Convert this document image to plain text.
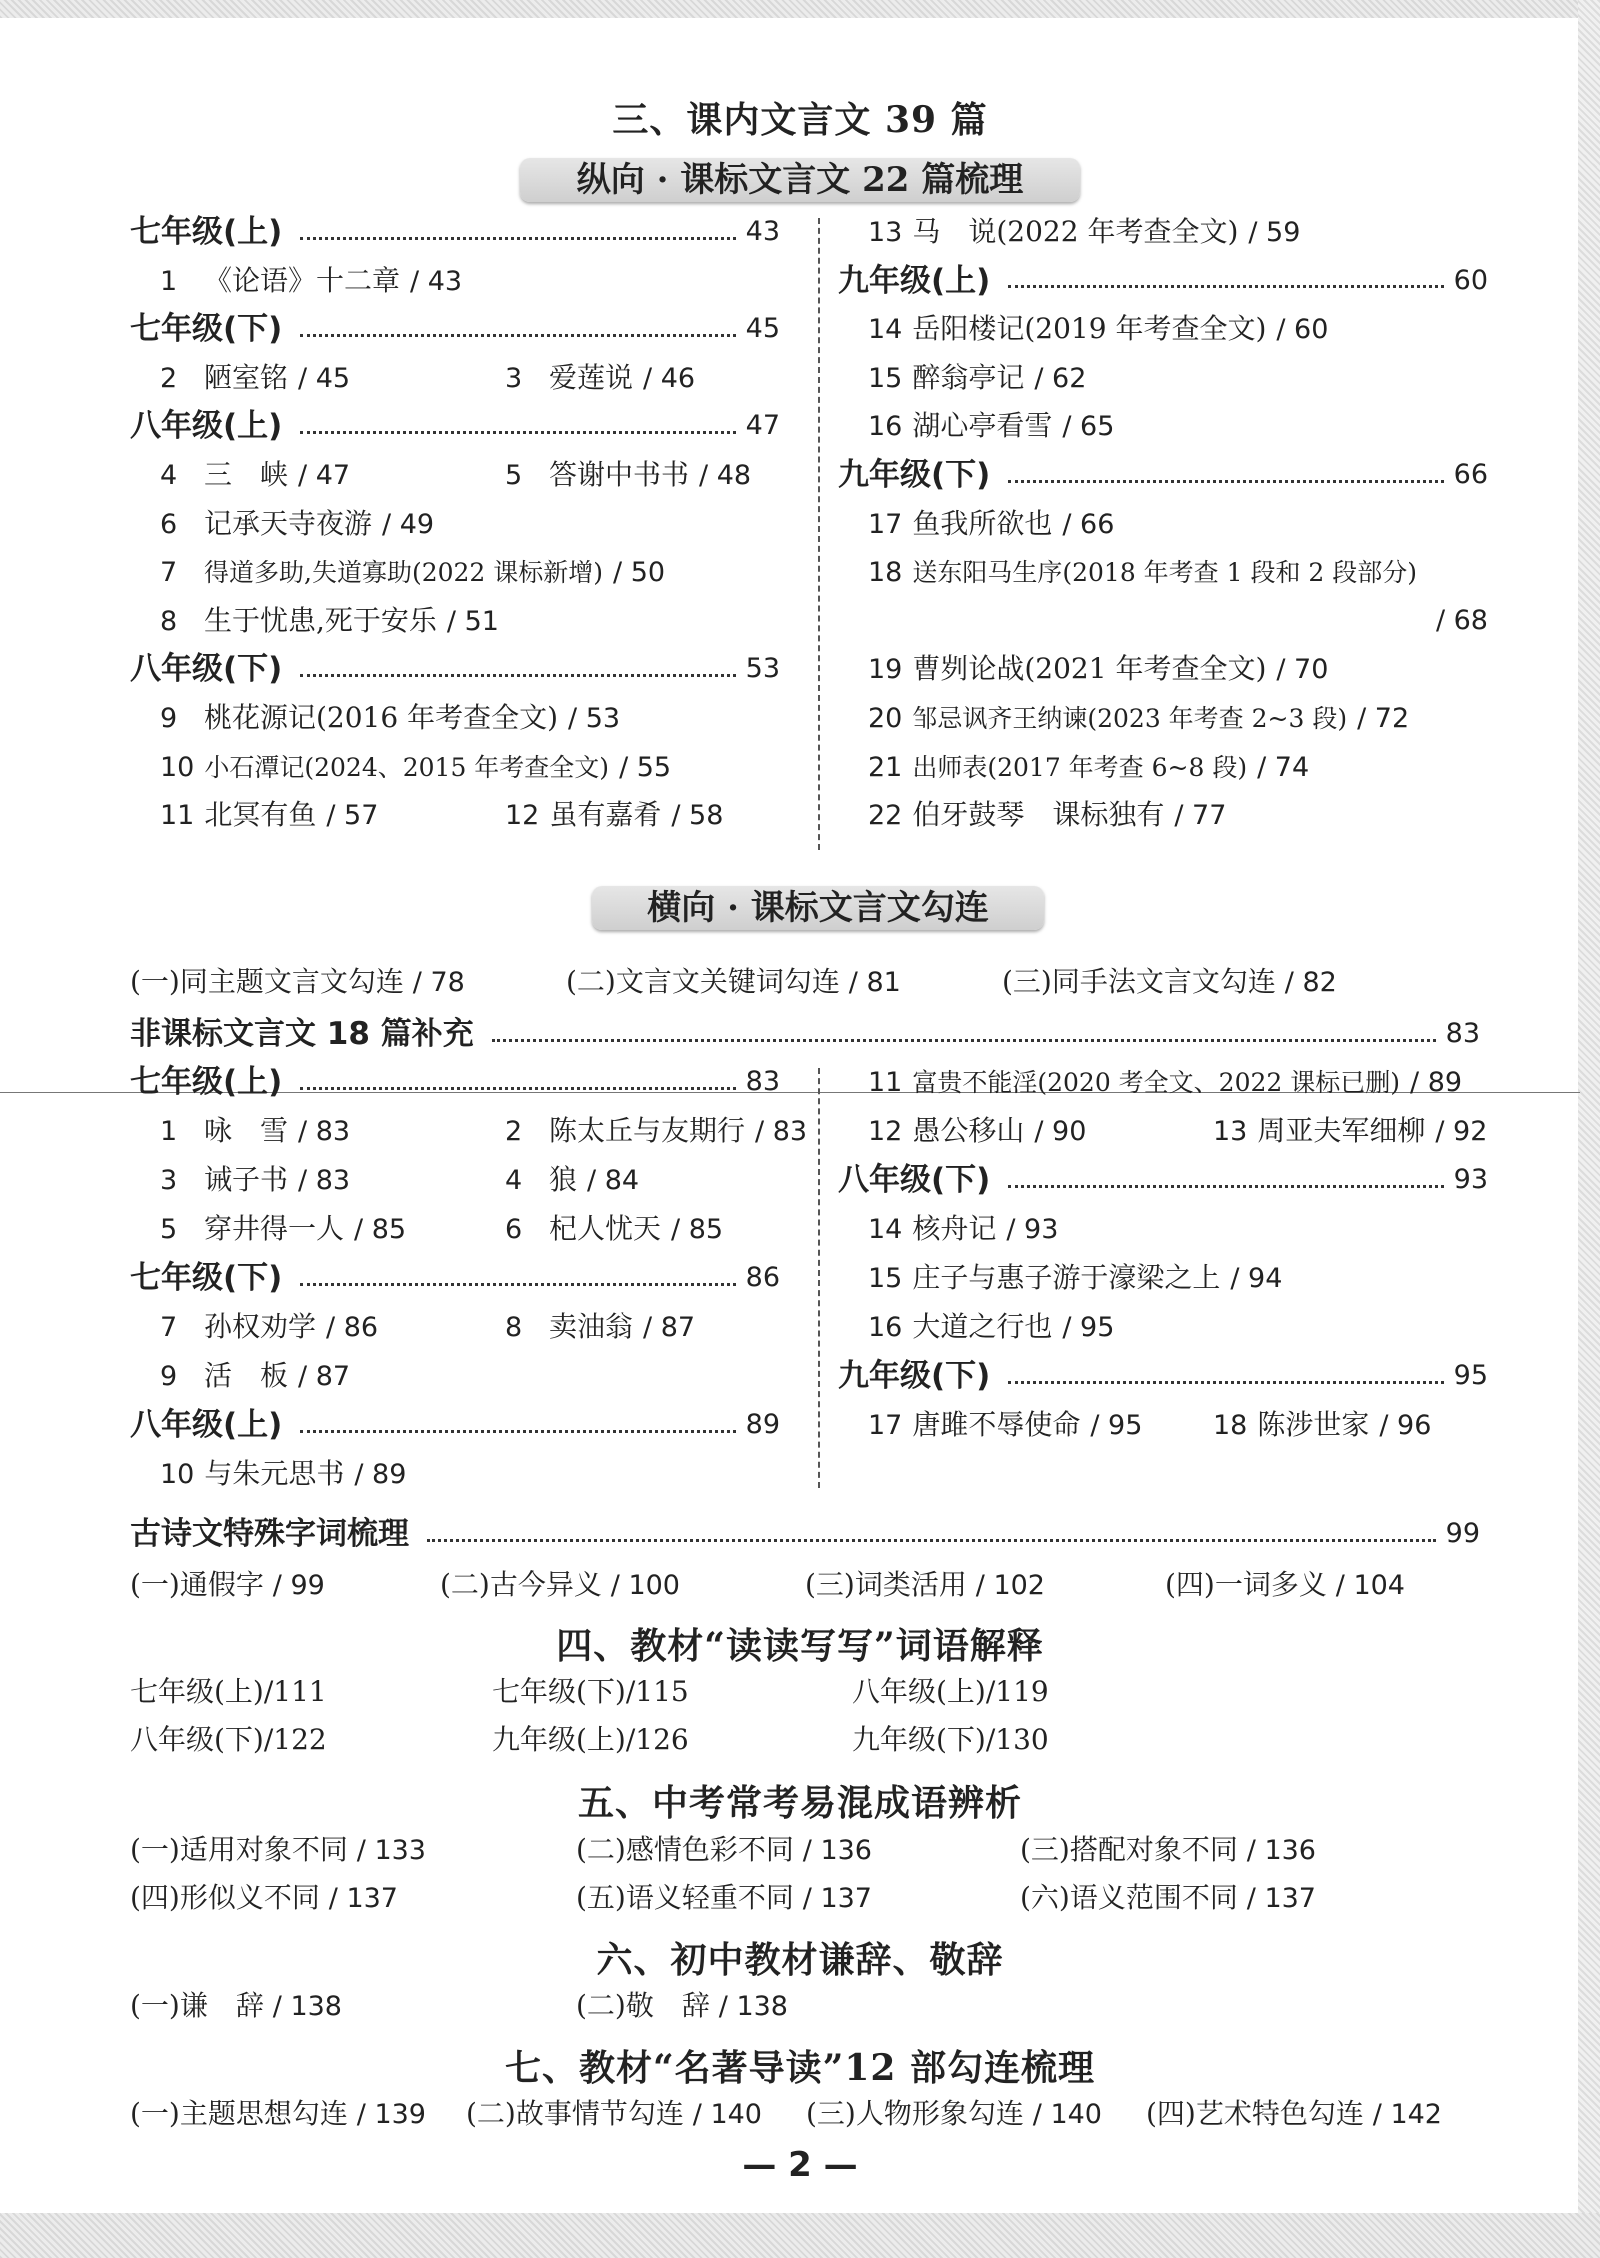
三、课内文言文 39 篇
纵向 · 课标文言文 22 篇梳理
七年级(上)	43
1 《论语》十二章 / 43
七年级(下)	45
2 陋室铭 / 45	3 爱莲说 / 46
八年级(上)	47
4 三　峡 / 47	5 答谢中书书 / 48
6 记承天寺夜游 / 49
7 得道多助,失道寡助(2022 课标新增) / 50
8 生于忧患,死于安乐 / 51
八年级(下)	53
9 桃花源记(2016 年考查全文) / 53
10 小石潭记(2024、2015 年考查全文) / 55
11 北冥有鱼 / 57	12 虽有嘉肴 / 58
13 马　说(2022 年考查全文) / 59
九年级(上)	60
14 岳阳楼记(2019 年考查全文) / 60
15 醉翁亭记 / 62
16 湖心亭看雪 / 65
九年级(下)	66
17 鱼我所欲也 / 66
18 送东阳马生序(2018 年考查 1 段和 2 段部分)
/ 68
19 曹刿论战(2021 年考查全文) / 70
20 邹忌讽齐王纳谏(2023 年考查 2~3 段) / 72
21 出师表(2017 年考查 6~8 段) / 74
22 伯牙鼓琴　课标独有 / 77
横向 · 课标文言文勾连
(一)同主题文言文勾连 / 78	(二)文言文关键词勾连 / 81	(三)同手法文言文勾连 / 82
非课标文言文 18 篇补充	83
七年级(上)	83
1 咏　雪 / 83	2 陈太丘与友期行 / 83
3 诫子书 / 83	4 狼 / 84
5 穿井得一人 / 85	6 杞人忧天 / 85
七年级(下)	86
7 孙权劝学 / 86	8 卖油翁 / 87
9 活　板 / 87
八年级(上)	89
10 与朱元思书 / 89
11 富贵不能淫(2020 考全文、2022 课标已删) / 89
12 愚公移山 / 90	13 周亚夫军细柳 / 92
八年级(下)	93
14 核舟记 / 93
15 庄子与惠子游于濠梁之上 / 94
16 大道之行也 / 95
九年级(下)	95
17 唐雎不辱使命 / 95	18 陈涉世家 / 96
古诗文特殊字词梳理	99
(一)通假字 / 99	(二)古今异义 / 100	(三)词类活用 / 102	(四)一词多义 / 104
四、教材“读读写写”词语解释
七年级(上)/111	七年级(下)/115	八年级(上)/119
八年级(下)/122	九年级(上)/126	九年级(下)/130
五、中考常考易混成语辨析
(一)适用对象不同 / 133	(二)感情色彩不同 / 136	(三)搭配对象不同 / 136
(四)形似义不同 / 137	(五)语义轻重不同 / 137	(六)语义范围不同 / 137
六、初中教材谦辞、敬辞
(一)谦　辞 / 138	(二)敬　辞 / 138
七、教材“名著导读”12 部勾连梳理
(一)主题思想勾连 / 139 (二)故事情节勾连 / 140 (三)人物形象勾连 / 140 (四)艺术特色勾连 / 142
— 2 —
